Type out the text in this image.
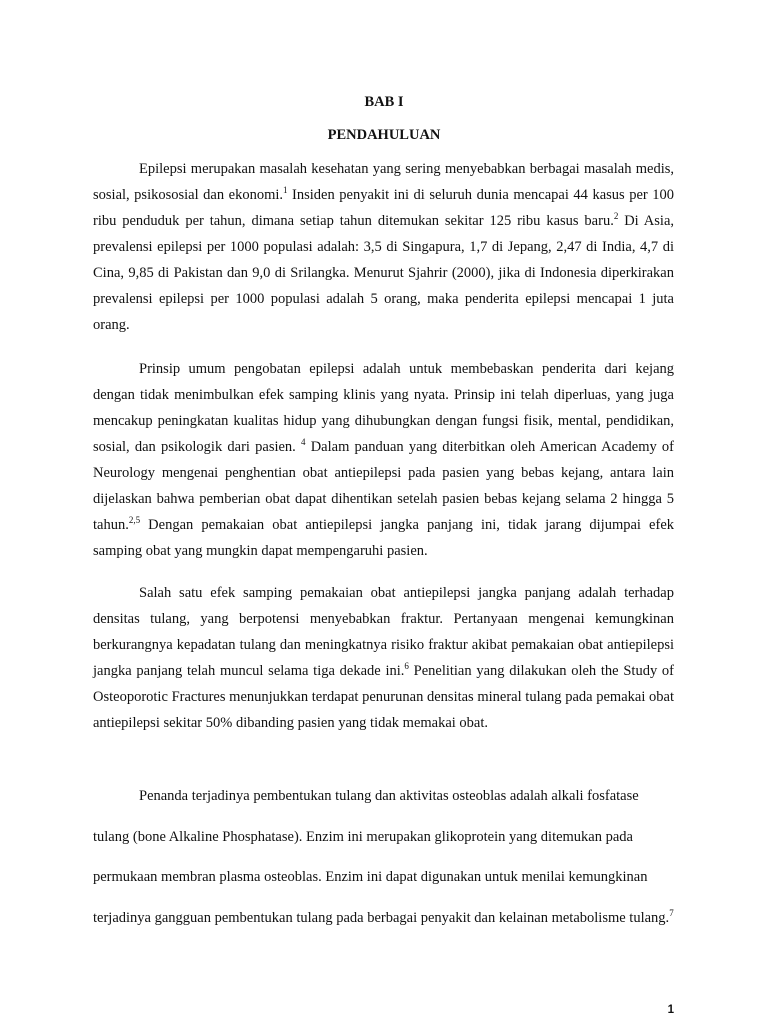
BAB I
PENDAHULUAN

Epilepsi merupakan masalah kesehatan yang sering menyebabkan berbagai masalah medis, sosial, psikososial dan ekonomi.$^1$ Insiden penyakit ini di seluruh dunia mencapai 44 kasus per 100 ribu penduduk per tahun, dimana setiap tahun ditemukan sekitar 125 ribu kasus baru.$^2$ Di Asia, prevalensi epilepsi per 1000 populasi adalah: 3,5 di Singapura, 1,7 di Jepang, 2,47 di India, 4,7 di Cina, 9,85 di Pakistan dan 9,0 di Srilangka. Menurut Sjahrir (2000), jika di Indonesia diperkirakan prevalensi epilepsi per 1000 populasi adalah 5 orang, maka penderita epilepsi mencapai 1 juta orang.

Prinsip umum pengobatan epilepsi adalah untuk membebaskan penderita dari kejang dengan tidak menimbulkan efek samping klinis yang nyata. Prinsip ini telah diperluas, yang juga mencakup peningkatan kualitas hidup yang dihubungkan dengan fungsi fisik, mental, pendidikan, sosial, dan psikologik dari pasien. $^4$ Dalam panduan yang diterbitkan oleh American Academy of Neurology mengenai penghentian obat antiepilepsi pada pasien yang bebas kejang, antara lain dijelaskan bahwa pemberian obat dapat dihentikan setelah pasien bebas kejang selama 2 hingga 5 tahun.$^{2,5}$ Dengan pemakaian obat antiepilepsi jangka panjang ini, tidak jarang dijumpai efek samping obat yang mungkin dapat mempengaruhi pasien.

Salah satu efek samping pemakaian obat antiepilepsi jangka panjang adalah terhadap densitas tulang, yang berpotensi menyebabkan fraktur. Pertanyaan mengenai kemungkinan berkurangnya kepadatan tulang dan meningkatnya risiko fraktur akibat pemakaian obat antiepilepsi jangka panjang telah muncul selama tiga dekade ini.$^6$ Penelitian yang dilakukan oleh the Study of Osteoporotic Fractures menunjukkan terdapat penurunan densitas mineral tulang pada pemakai obat antiepilepsi sekitar 50% dibanding pasien yang tidak memakai obat.

Penanda terjadinya pembentukan tulang dan aktivitas osteoblas adalah alkali fosfatase tulang (bone Alkaline Phosphatase). Enzim ini merupakan glikoprotein yang ditemukan pada permukaan membran plasma osteoblas. Enzim ini dapat digunakan untuk menilai kemungkinan terjadinya gangguan pembentukan tulang pada berbagai penyakit dan kelainan metabolisme tulang.$^7$

1
